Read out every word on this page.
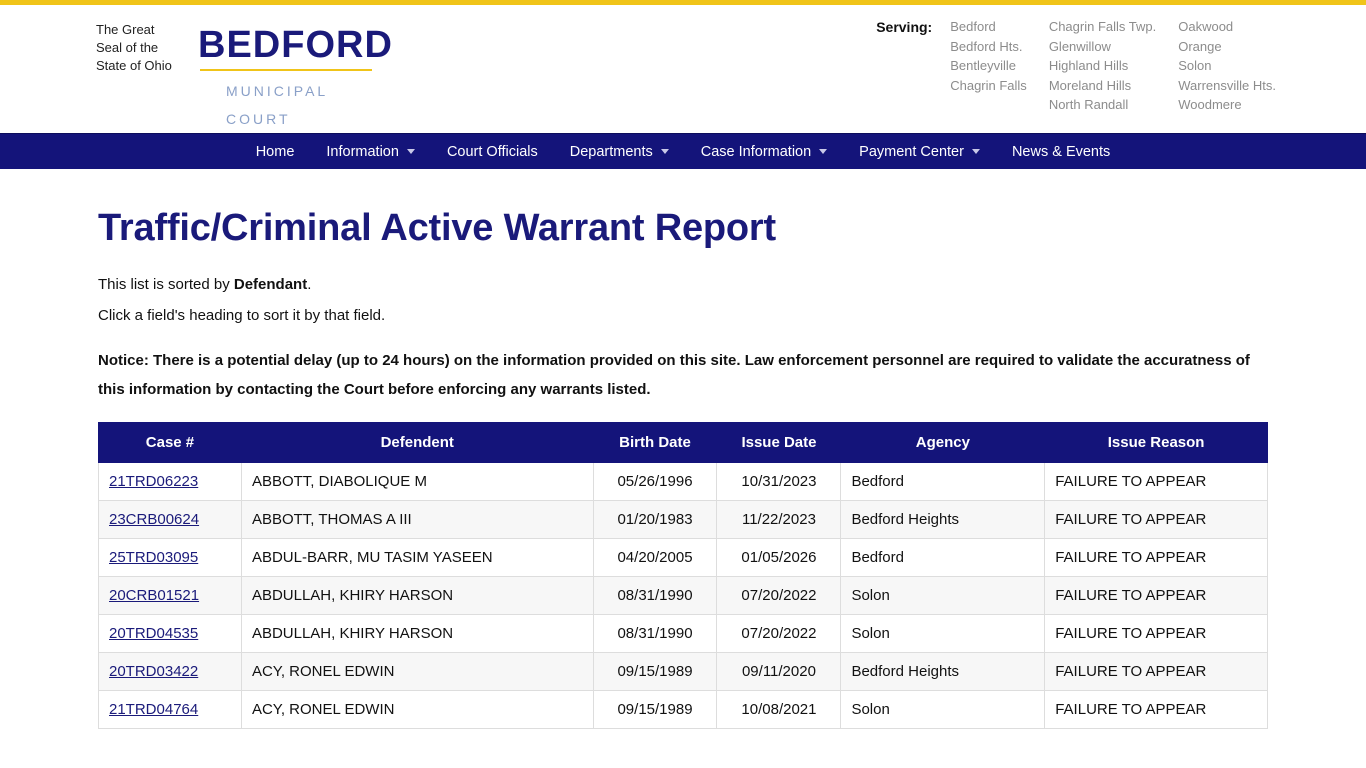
The Great Seal of the State of Ohio BEDFORD
MUNICIPAL
COURT
Serving: Bedford
Bedford Hts.
Bentleyville
Chagrin Falls
Chagrin Falls Twp.
Glenwillow
Highland Hills
Moreland Hills
North Randall
Oakwood
Orange
Solon
Warrensville Hts.
Woodmere
Home Information	Court Officials Departments	Case Information	Payment Center	News & Events
Traffic/Criminal Active Warrant Report

This list is sorted by Defendant.

Click a field's heading to sort it by that field.

Notice: There is a potential delay (up to 24 hours) on the information provided on this site. Law enforcement personnel are required to validate the accuratness of this information by contacting the Court before enforcing any warrants listed.

Case #	Defendent	Birth Date	Issue Date	Agency	Issue Reason
21TRD06223	ABBOTT, DIABOLIQUE M	05/26/1996	10/31/2023	Bedford	FAILURE TO APPEAR
23CRB00624	ABBOTT, THOMAS A III	01/20/1983	11/22/2023	Bedford Heights	FAILURE TO APPEAR
25TRD03095	ABDUL-BARR, MU TASIM YASEEN	04/20/2005	01/05/2026	Bedford	FAILURE TO APPEAR
20CRB01521	ABDULLAH, KHIRY HARSON	08/31/1990	07/20/2022	Solon	FAILURE TO APPEAR
20TRD04535	ABDULLAH, KHIRY HARSON	08/31/1990	07/20/2022	Solon	FAILURE TO APPEAR
20TRD03422	ACY, RONEL EDWIN	09/15/1989	09/11/2020	Bedford Heights	FAILURE TO APPEAR
21TRD04764	ACY, RONEL EDWIN	09/15/1989	10/08/2021	Solon	FAILURE TO APPEAR
